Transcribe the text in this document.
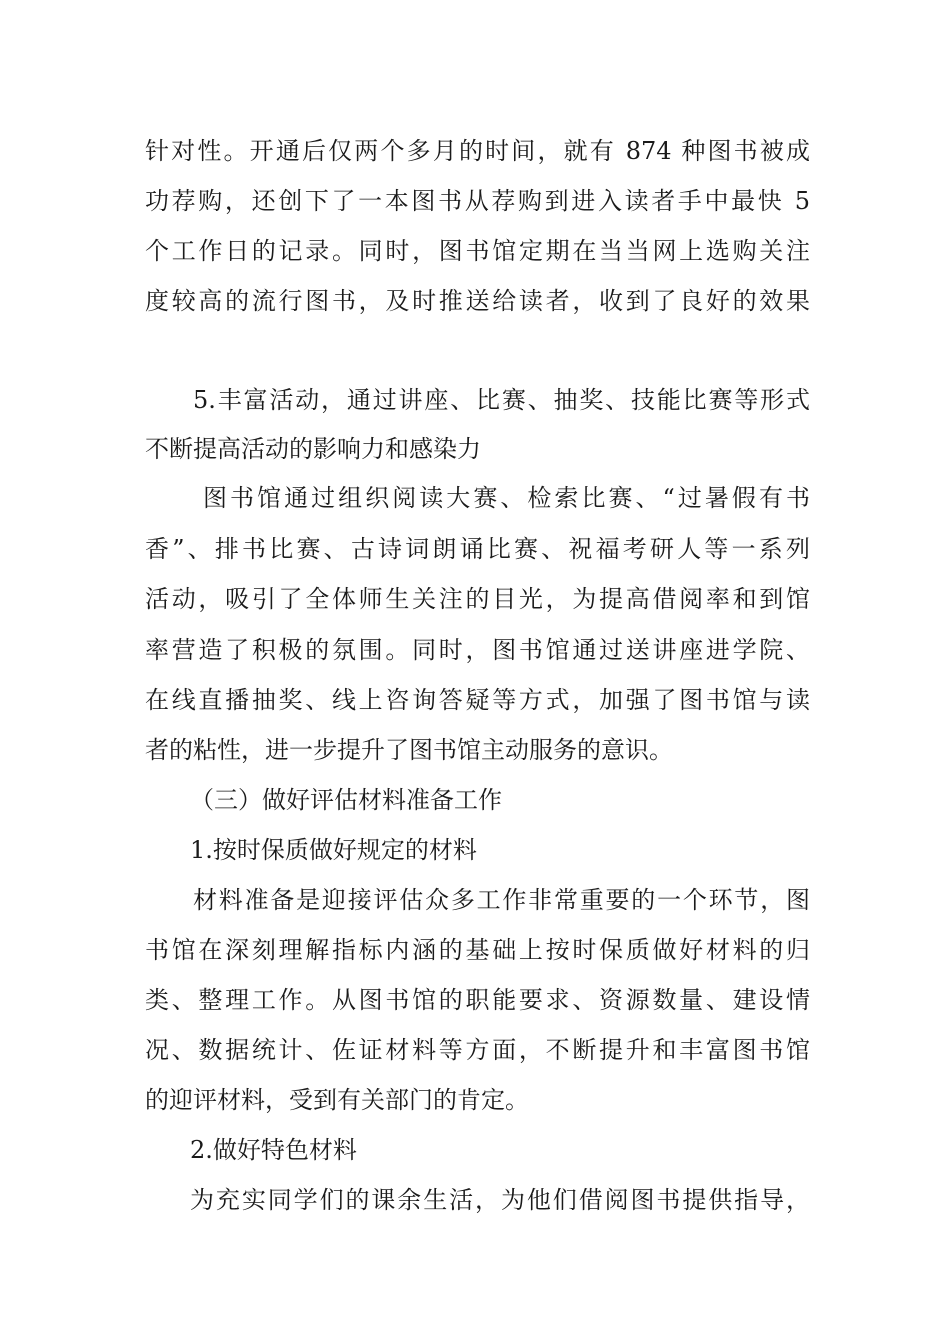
针对性。开通后仅两个多月的时间，就有 874 种图书被成

功荐购，还创下了一本图书从荐购到进入读者手中最快 5

个工作日的记录。同时，图书馆定期在当当网上选购关注

度较高的流行图书，及时推送给读者，收到了良好的效果

5.丰富活动，通过讲座、比赛、抽奖、技能比赛等形式

不断提高活动的影响力和感染力

图书馆通过组织阅读大赛、检索比赛、“过暑假有书

香”、排书比赛、古诗词朗诵比赛、祝福考研人等一系列

活动，吸引了全体师生关注的目光，为提高借阅率和到馆

率营造了积极的氛围。同时，图书馆通过送讲座进学院、

在线直播抽奖、线上咨询答疑等方式，加强了图书馆与读

者的粘性，进一步提升了图书馆主动服务的意识。

（三）做好评估材料准备工作

1.按时保质做好规定的材料

材料准备是迎接评估众多工作非常重要的一个环节，图

书馆在深刻理解指标内涵的基础上按时保质做好材料的归

类、整理工作。从图书馆的职能要求、资源数量、建设情

况、数据统计、佐证材料等方面，不断提升和丰富图书馆

的迎评材料，受到有关部门的肯定。

2.做好特色材料

为充实同学们的课余生活，为他们借阅图书提供指导，
